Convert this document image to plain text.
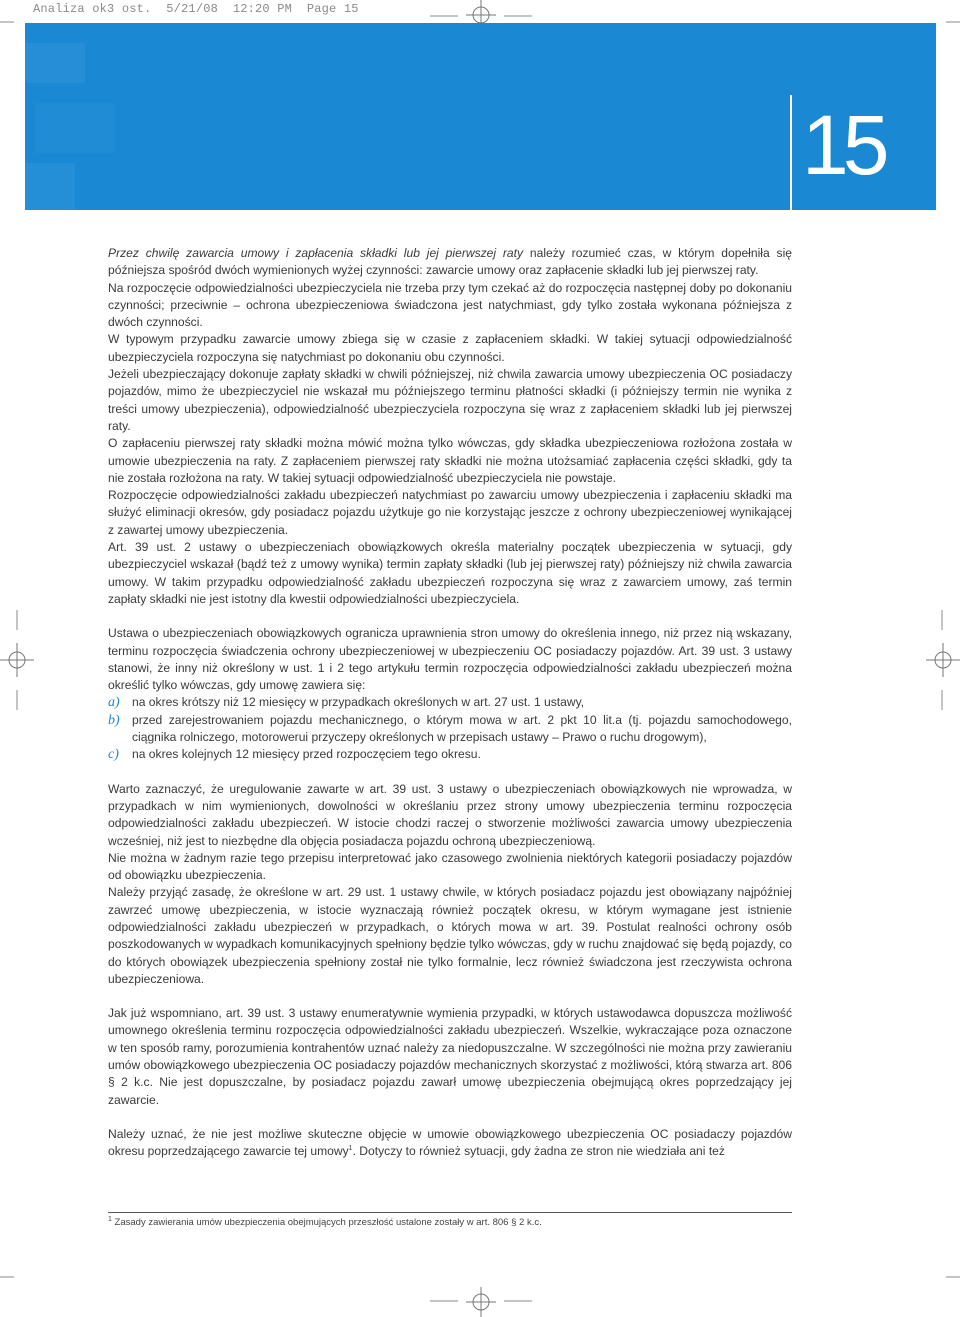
Analiza ok3 ost.  5/21/08  12:20 PM  Page 15
15

Przez chwilę zawarcia umowy i zapłacenia składki lub jej pierwszej raty należy rozumieć czas, w którym dopełniła się późniejsza spośród dwóch wymienionych wyżej czynności: zawarcie umowy oraz zapłacenie składki lub jej pierwszej raty.

Na rozpoczęcie odpowiedzialności ubezpieczyciela nie trzeba przy tym czekać aż do rozpoczęcia następnej doby po dokonaniu czynności; przeciwnie – ochrona ubezpieczeniowa świadczona jest natychmiast, gdy tylko została wykonana późniejsza z dwóch czynności.

W typowym przypadku zawarcie umowy zbiega się w czasie z zapłaceniem składki. W takiej sytuacji odpowiedzialność ubezpieczyciela rozpoczyna się natychmiast po dokonaniu obu czynności.

Jeżeli ubezpieczający dokonuje zapłaty składki w chwili późniejszej, niż chwila zawarcia umowy ubezpieczenia OC posiadaczy pojazdów, mimo że ubezpieczyciel nie wskazał mu późniejszego terminu płatności składki (i późniejszy termin nie wynika z treści umowy ubezpieczenia), odpowiedzialność ubezpieczyciela rozpoczyna się wraz z zapłaceniem składki lub jej pierwszej raty.

O zapłaceniu pierwszej raty składki można mówić można tylko wówczas, gdy składka ubezpieczeniowa rozłożona została w umowie ubezpieczenia na raty. Z zapłaceniem pierwszej raty składki nie można utożsamiać zapłacenia części składki, gdy ta nie została rozłożona na raty. W takiej sytuacji odpowiedzialność ubezpieczyciela nie powstaje.

Rozpoczęcie odpowiedzialności zakładu ubezpieczeń natychmiast po zawarciu umowy ubezpieczenia i zapłaceniu składki ma służyć eliminacji okresów, gdy posiadacz pojazdu użytkuje go nie korzystając jeszcze z ochrony ubezpieczeniowej wynikającej z zawartej umowy ubezpieczenia.

Art. 39 ust. 2 ustawy o ubezpieczeniach obowiązkowych określa materialny początek ubezpieczenia w sytuacji, gdy ubezpieczyciel wskazał (bądź też z umowy wynika) termin zapłaty składki (lub jej pierwszej raty) późniejszy niż chwila zawarcia umowy. W takim przypadku odpowiedzialność zakładu ubezpieczeń rozpoczyna się wraz z zawarciem umowy, zaś termin zapłaty składki nie jest istotny dla kwestii odpowiedzialności ubezpieczyciela.

Ustawa o ubezpieczeniach obowiązkowych ogranicza uprawnienia stron umowy do określenia innego, niż przez nią wskazany, terminu rozpoczęcia świadczenia ochrony ubezpieczeniowej w ubezpieczeniu OC posiadaczy pojazdów. Art. 39 ust. 3 ustawy stanowi, że inny niż określony w ust. 1 i 2 tego artykułu termin rozpoczęcia odpowiedzialności zakładu ubezpieczeń można określić tylko wówczas, gdy umowę zawiera się:

a) na okres krótszy niż 12 miesięcy w przypadkach określonych w art. 27 ust. 1 ustawy,
b) przed zarejestrowaniem pojazdu mechanicznego, o którym mowa w art. 2 pkt 10 lit.a (tj. pojazdu samochodowego, ciągnika rolniczego, motorowerui przyczepy określonych w przepisach ustawy – Prawo o ruchu drogowym),
c) na okres kolejnych 12 miesięcy przed rozpoczęciem tego okresu.

Warto zaznaczyć, że uregulowanie zawarte w art. 39 ust. 3 ustawy o ubezpieczeniach obowiązkowych nie wprowadza, w przypadkach w nim wymienionych, dowolności w określaniu przez strony umowy ubezpieczenia terminu rozpoczęcia odpowiedzialności zakładu ubezpieczeń. W istocie chodzi raczej o stworzenie możliwości zawarcia umowy ubezpieczenia wcześniej, niż jest to niezbędne dla objęcia posiadacza pojazdu ochroną ubezpieczeniową.

Nie można w żadnym razie tego przepisu interpretować jako czasowego zwolnienia niektórych kategorii posiadaczy pojazdów od obowiązku ubezpieczenia.

Należy przyjąć zasadę, że określone w art. 29 ust. 1 ustawy chwile, w których posiadacz pojazdu jest obowiązany najpóźniej zawrzeć umowę ubezpieczenia, w istocie wyznaczają również początek okresu, w którym wymagane jest istnienie odpowiedzialności zakładu ubezpieczeń w przypadkach, o których mowa w art. 39. Postulat realności ochrony osób poszkodowanych w wypadkach komunikacyjnych spełniony będzie tylko wówczas, gdy w ruchu znajdować się będą pojazdy, co do których obowiązek ubezpieczenia spełniony został nie tylko formalnie, lecz również świadczona jest rzeczywista ochrona ubezpieczeniowa.

Jak już wspomniano, art. 39 ust. 3 ustawy enumeratywnie wymienia przypadki, w których ustawodawca dopuszcza możliwość umownego określenia terminu rozpoczęcia odpowiedzialności zakładu ubezpieczeń. Wszelkie, wykraczające poza oznaczone w ten sposób ramy, porozumienia kontrahentów uznać należy za niedopuszczalne. W szczególności nie można przy zawieraniu umów obowiązkowego ubezpieczenia OC posiadaczy pojazdów mechanicznych skorzystać z możliwości, którą stwarza art. 806 § 2 k.c. Nie jest dopuszczalne, by posiadacz pojazdu zawarł umowę ubezpieczenia obejmującą okres poprzedzający jej zawarcie.

Należy uznać, że nie jest możliwe skuteczne objęcie w umowie obowiązkowego ubezpieczenia OC posiadaczy pojazdów okresu poprzedzającego zawarcie tej umowy$^1$. Dotyczy to również sytuacji, gdy żadna ze stron nie wiedziała ani też

$^1$ Zasady zawierania umów ubezpieczenia obejmujących przeszłość ustalone zostały w art. 806 § 2 k.c.
